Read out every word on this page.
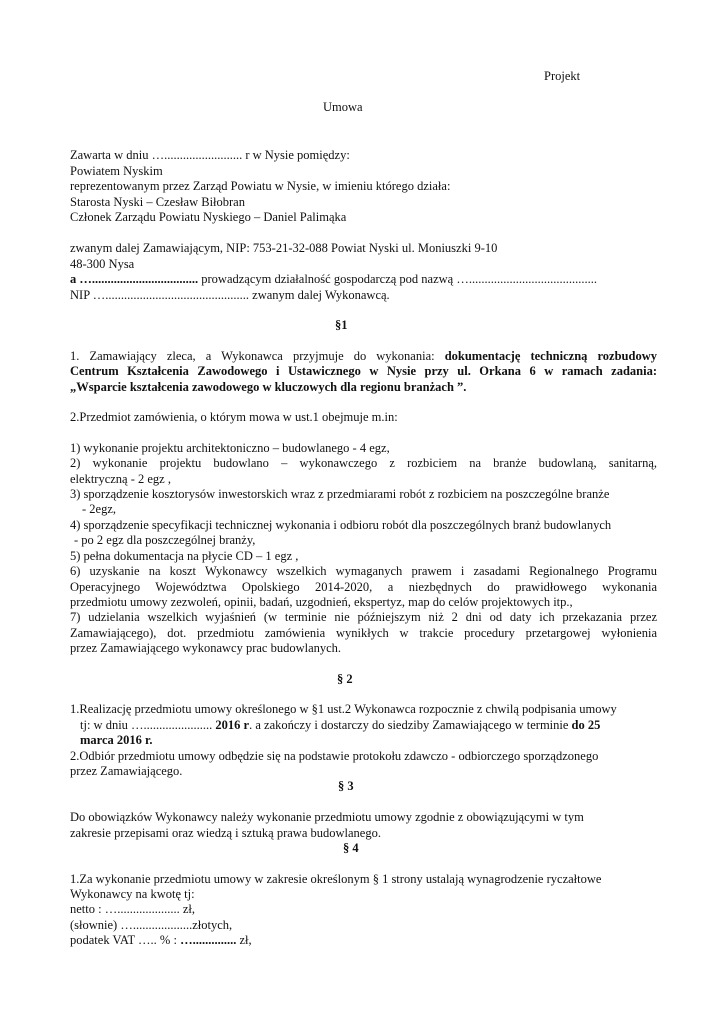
Projekt
Umowa
Zawarta w dniu …......................... r w Nysie pomiędzy:
Powiatem Nyskim
reprezentowanym przez Zarząd Powiatu w Nysie, w imieniu którego działa:
Starosta Nyski – Czesław Biłobran
Członek Zarządu Powiatu Nyskiego – Daniel Palimąka
zwanym dalej Zamawiającym, NIP: 753-21-32-088 Powiat Nyski ul. Moniuszki 9-10
48-300 Nysa
a ….................................. prowadzącym działalność gospodarczą pod nazwą ….........................................
NIP ….............................................. zwanym dalej Wykonawcą.
§1
1. Zamawiający zleca, a Wykonawca przyjmuje do wykonania: dokumentację techniczną rozbudowy
Centrum Kształcenia Zawodowego i Ustawicznego w Nysie przy ul. Orkana 6 w ramach zadania:
„Wsparcie kształcenia zawodowego w kluczowych dla regionu branżach ”.
2.Przedmiot zamówienia, o którym mowa w ust.1 obejmuje m.in:
1) wykonanie projektu architektoniczno – budowlanego - 4 egz,
2) wykonanie projektu budowlano – wykonawczego z rozbiciem na branże budowlaną, sanitarną,
elektryczną - 2 egz ,
3) sporządzenie kosztorysów inwestorskich wraz z przedmiarami robót z rozbiciem na poszczególne branże
- 2egz,
4) sporządzenie specyfikacji technicznej wykonania i odbioru robót dla poszczególnych branż budowlanych
- po 2 egz dla poszczególnej branży,
5) pełna dokumentacja na płycie CD – 1 egz ,
6) uzyskanie na koszt Wykonawcy wszelkich wymaganych prawem i zasadami Regionalnego Programu
Operacyjnego Województwa Opolskiego 2014-2020, a niezbędnych do prawidłowego wykonania
przedmiotu umowy zezwoleń, opinii, badań, uzgodnień, ekspertyz, map do celów projektowych itp.,
7) udzielania wszelkich wyjaśnień (w terminie nie późniejszym niż 2 dni od daty ich przekazania przez
Zamawiającego), dot. przedmiotu zamówienia wynikłych w trakcie procedury przetargowej wyłonienia
przez Zamawiającego wykonawcy prac budowlanych.
§ 2
1.Realizację przedmiotu umowy określonego w §1 ust.2 Wykonawca rozpocznie z chwilą podpisania umowy
tj: w dniu …...................... 2016 r. a zakończy i dostarczy do siedziby Zamawiającego w terminie do 25
marca 2016 r.
2.Odbiór przedmiotu umowy odbędzie się na podstawie protokołu zdawczo - odbiorczego sporządzonego
przez Zamawiającego.
§ 3
Do obowiązków Wykonawcy należy wykonanie przedmiotu umowy zgodnie z obowiązującymi w tym
zakresie przepisami oraz wiedzą i sztuką prawa budowlanego.
§ 4
1.Za wykonanie przedmiotu umowy w zakresie określonym § 1 strony ustalają wynagrodzenie ryczałtowe
Wykonawcy na kwotę tj:
netto : ….................... zł,
(słownie) …...................złotych,
podatek VAT ….. % : ….............. zł,
